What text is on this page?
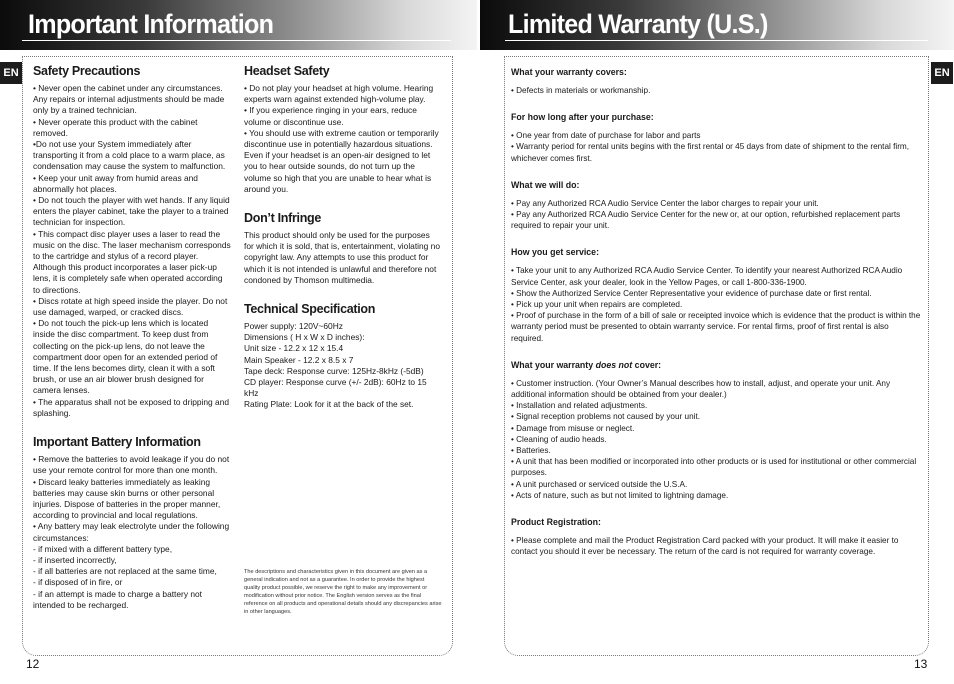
Important Information
EN Safety Precautions

• Never open the cabinet under any circumstances. Any repairs or internal adjustments should be made only by a trained technician.

• Never operate this product with the cabinet removed.

•Do not use your System immediately after transporting it from a cold place to a warm place, as condensation may cause the system to malfunction.

• Keep your unit away from humid areas and abnormally hot places.

• Do not touch the player with wet hands. If any liquid enters the player cabinet, take the player to a trained technician for inspection.

• This compact disc player uses a laser to read the music on the disc. The laser mechanism corresponds to the cartridge and stylus of a record player. Although this product incorporates a laser pick-up lens, it is completely safe when operated according to directions.

• Discs rotate at high speed inside the player. Do not use damaged, warped, or cracked discs.

• Do not touch the pick-up lens which is located inside the disc compartment. To keep dust from collecting on the pick-up lens, do not leave the compartment door open for an extended period of time. If the lens becomes dirty, clean it with a soft brush, or use an air blower brush designed for camera lenses.

• The apparatus shall not be exposed to dripping and splashing.

Important Battery Information

• Remove the batteries to avoid leakage if you do not use your remote control for more than one month.

• Discard leaky batteries immediately as leaking batteries may cause skin burns or other personal injuries. Dispose of batteries in the proper manner, according to provincial and local regulations.

• Any battery may leak electrolyte under the following circumstances:

- if mixed with a different battery type,

- if inserted incorrectly,

- if all batteries are not replaced at the same time,

- if disposed of in fire, or

- if an attempt is made to charge a battery not intended to be recharged.

Headset Safety

• Do not play your headset at high volume. Hearing experts warn against extended high-volume play.

• If you experience ringing in your ears, reduce volume or discontinue use.

• You should use with extreme caution or temporarily discontinue use in potentially hazardous situations.

Even if your headset is an open-air designed to let you to hear outside sounds, do not turn up the volume so high that you are unable to hear what is around you.

Don’t Infringe

This product should only be used for the purposes for which it is sold, that is, entertainment, violating no copyright law. Any attempts to use this product for which it is not intended is unlawful and therefore not condoned by Thomson multimedia.

Technical Specification

Power supply: 120V~60Hz

Dimensions ( H x W x D inches):

Unit size - 12.2 x 12 x 15.4

Main Speaker - 12.2 x 8.5 x 7

Tape deck: Response curve: 125Hz-8kHz (-5dB)

CD player: Response curve (+/- 2dB): 60Hz to 15 kHz

Rating Plate: Look for it at the back of the set.

The descriptions and characteristics given in this document are given as a general indication and not as a guarantee. In order to provide the highest quality product possible, we reserve the right to make any improvement or modification without prior notice. The English version serves as the final reference on all products and operational details should any discrepancies arise in other languages.
12
Limited Warranty (U.S.)
EN
What your warranty covers:

• Defects in materials or workmanship.

For how long after your purchase:

• One year from date of purchase for labor and parts

• Warranty period for rental units begins with the first rental or 45 days from date of shipment to the rental firm, whichever comes first.

What we will do:

• Pay any Authorized RCA Audio Service Center the labor charges to repair your unit.

• Pay any Authorized RCA Audio Service Center for the new or, at our option, refurbished replacement parts required to repair your unit.

How you get service:

• Take your unit to any Authorized RCA Audio Service Center. To identify your nearest Authorized RCA Audio Service Center, ask your dealer, look in the Yellow Pages, or call 1-800-336-1900.

• Show the Authorized Service Center Representative your evidence of purchase date or first rental.

• Pick up your unit when repairs are completed.

• Proof of purchase in the form of a bill of sale or receipted invoice which is evidence that the product is within the warranty period must be presented to obtain warranty service. For rental firms, proof of first rental is also required.

What your warranty does not cover:

• Customer instruction. (Your Owner’s Manual describes how to install, adjust, and operate your unit. Any additional information should be obtained from your dealer.)

• Installation and related adjustments.

• Signal reception problems not caused by your unit.

• Damage from misuse or neglect.

• Cleaning of audio heads.

• Batteries.

• A unit that has been modified or incorporated into other products or is used for institutional or other commercial purposes.

• A unit purchased or serviced outside the U.S.A.

• Acts of nature, such as but not limited to lightning damage.

Product Registration:

• Please complete and mail the Product Registration Card packed with your product. It will make it easier to contact you should it ever be necessary. The return of the card is not required for warranty coverage.

13
